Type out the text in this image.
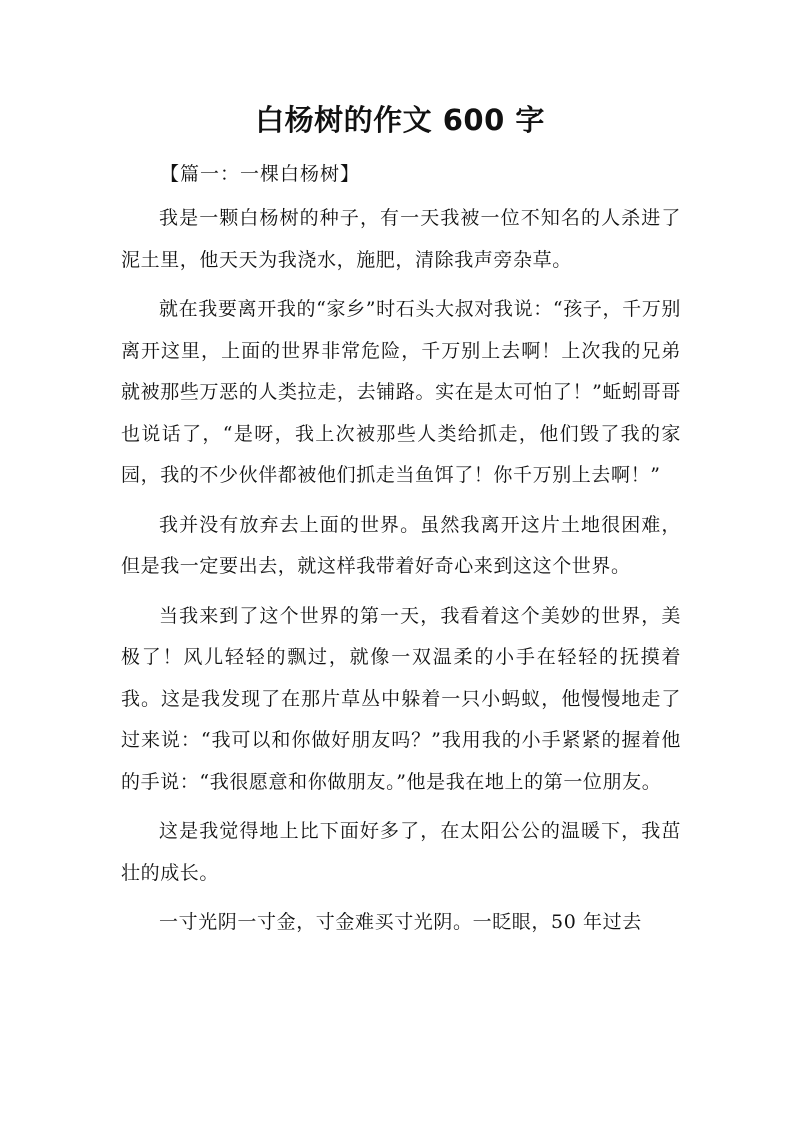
白杨树的作文 600 字
【篇一：一棵白杨树】

我是一颗白杨树的种子，有一天我被一位不知名的人杀进了泥土里，他天天为我浇水，施肥，清除我声旁杂草。

就在我要离开我的“家乡”时石头大叔对我说：“孩子，千万别离开这里，上面的世界非常危险，千万别上去啊！上次我的兄弟就被那些万恶的人类拉走，去铺路。实在是太可怕了！”蚯蚓哥哥也说话了，“是呀，我上次被那些人类给抓走，他们毁了我的家园，我的不少伙伴都被他们抓走当鱼饵了！你千万别上去啊！”

我并没有放弃去上面的世界。虽然我离开这片土地很困难，但是我一定要出去，就这样我带着好奇心来到这这个世界。

当我来到了这个世界的第一天，我看着这个美妙的世界，美极了！风儿轻轻的飘过，就像一双温柔的小手在轻轻的抚摸着我。这是我发现了在那片草丛中躲着一只小蚂蚁，他慢慢地走了过来说：“我可以和你做好朋友吗？”我用我的小手紧紧的握着他的手说：“我很愿意和你做朋友。”他是我在地上的第一位朋友。

这是我觉得地上比下面好多了，在太阳公公的温暖下，我茁壮的成长。

一寸光阴一寸金，寸金难买寸光阴。一眨眼，50 年过去
